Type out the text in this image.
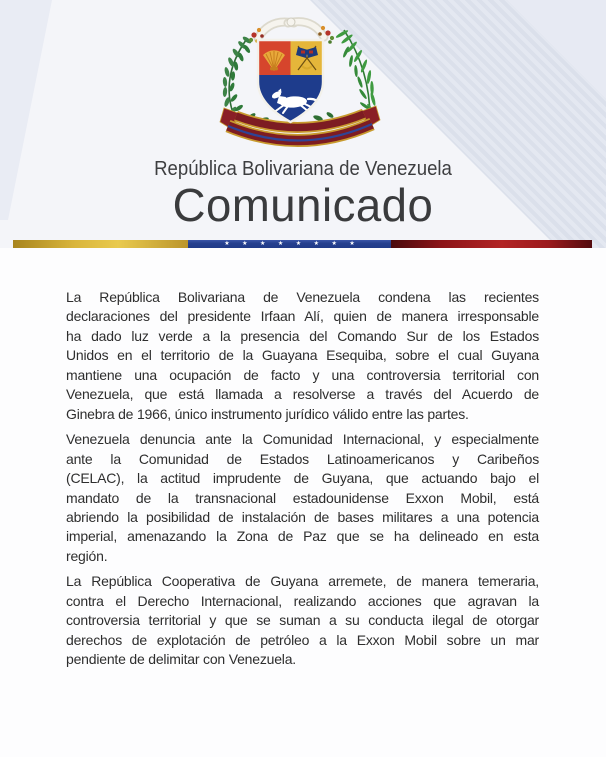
República Bolivariana de Venezuela
Comunicado
★ ★ ★ ★ ★ ★ ★ ★
La República Bolivariana de Venezuela condena las recientes
declaraciones del presidente Irfaan Alí, quien de manera irresponsable
ha dado luz verde a la presencia del Comando Sur de los Estados
Unidos en el territorio de la Guayana Esequiba, sobre el cual Guyana
mantiene una ocupación de facto y una controversia territorial con
Venezuela, que está llamada a resolverse a través del Acuerdo de
Ginebra de 1966, único instrumento jurídico válido entre las partes.
Venezuela denuncia ante la Comunidad Internacional, y especialmente
ante la Comunidad de Estados Latinoamericanos y Caribeños
(CELAC), la actitud imprudente de Guyana, que actuando bajo el
mandato de la transnacional estadounidense Exxon Mobil, está
abriendo la posibilidad de instalación de bases militares a una potencia
imperial, amenazando la Zona de Paz que se ha delineado en esta
región.
La República Cooperativa de Guyana arremete, de manera temeraria,
contra el Derecho Internacional, realizando acciones que agravan la
controversia territorial y que se suman a su conducta ilegal de otorgar
derechos de explotación de petróleo a la Exxon Mobil sobre un mar
pendiente de delimitar con Venezuela.
